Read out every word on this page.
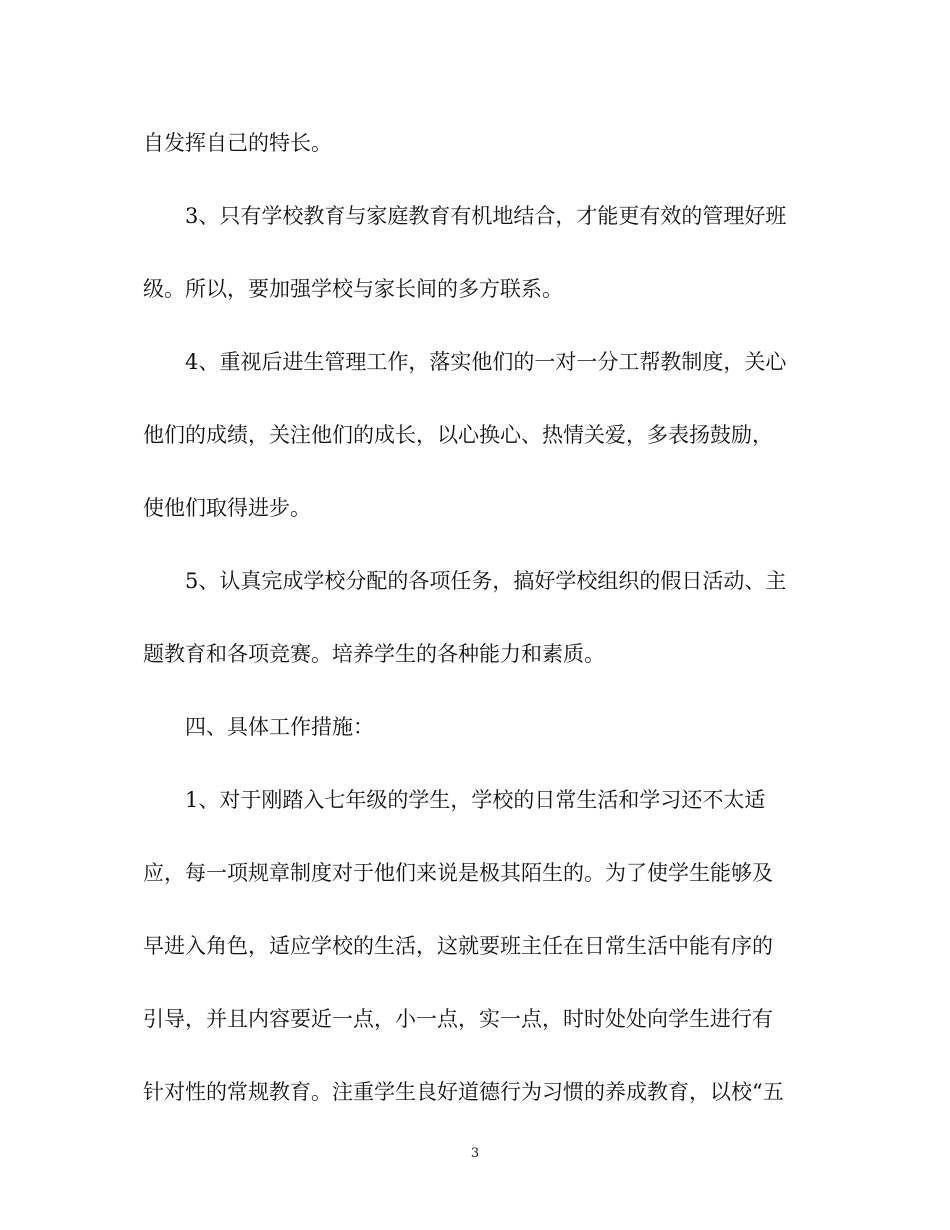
自发挥自己的特长。
3、只有学校教育与家庭教育有机地结合，才能更有效的管理好班
级。所以，要加强学校与家长间的多方联系。
4、重视后进生管理工作，落实他们的一对一分工帮教制度，关心
他们的成绩，关注他们的成长，以心换心、热情关爱，多表扬鼓励，
使他们取得进步。
5、认真完成学校分配的各项任务，搞好学校组织的假日活动、主
题教育和各项竞赛。培养学生的各种能力和素质。
四、具体工作措施：
1、对于刚踏入七年级的学生，学校的日常生活和学习还不太适
应，每一项规章制度对于他们来说是极其陌生的。为了使学生能够及
早进入角色，适应学校的生活，这就要班主任在日常生活中能有序的
引导，并且内容要近一点，小一点，实一点，时时处处向学生进行有
针对性的常规教育。注重学生良好道德行为习惯的养成教育，以校“五
3
